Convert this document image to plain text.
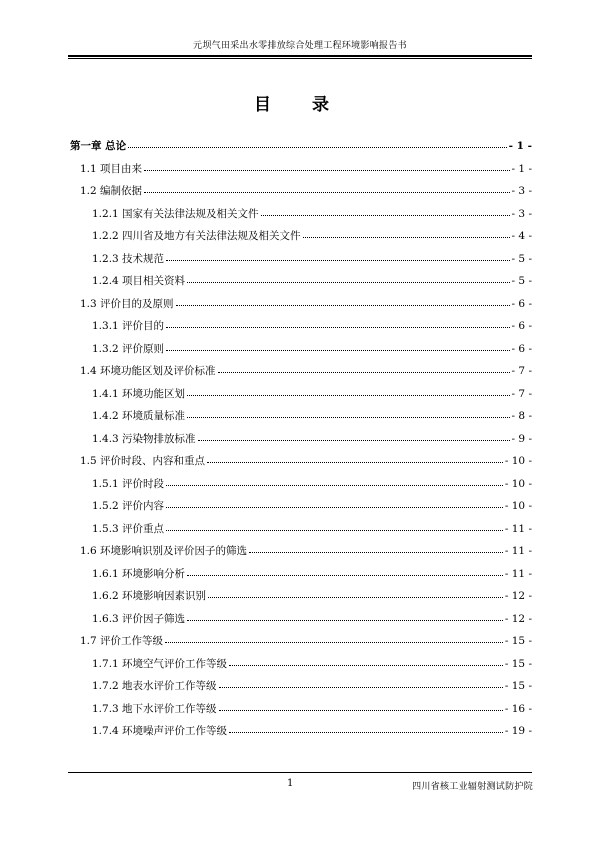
元坝气田采出水零排放综合处理工程环境影响报告书
目　录
第一章 总论	- 1 -
1.1 项目由来	- 1 -
1.2 编制依据	- 3 -
1.2.1 国家有关法律法规及相关文件	- 3 -
1.2.2 四川省及地方有关法律法规及相关文件	- 4 -
1.2.3 技术规范	- 5 -
1.2.4 项目相关资料	- 5 -
1.3 评价目的及原则	- 6 -
1.3.1 评价目的	- 6 -
1.3.2 评价原则	- 6 -
1.4 环境功能区划及评价标准	- 7 -
1.4.1 环境功能区划	- 7 -
1.4.2 环境质量标准	- 8 -
1.4.3 污染物排放标准	- 9 -
1.5 评价时段、内容和重点	- 10 -
1.5.1 评价时段	- 10 -
1.5.2 评价内容	- 10 -
1.5.3 评价重点	- 11 -
1.6 环境影响识别及评价因子的筛选	- 11 -
1.6.1 环境影响分析	- 11 -
1.6.2 环境影响因素识别	- 12 -
1.6.3 评价因子筛选	- 12 -
1.7 评价工作等级	- 15 -
1.7.1 环境空气评价工作等级	- 15 -
1.7.2 地表水评价工作等级	- 15 -
1.7.3 地下水评价工作等级	- 16 -
1.7.4 环境噪声评价工作等级	- 19 -
1	四川省核工业辐射测试防护院
